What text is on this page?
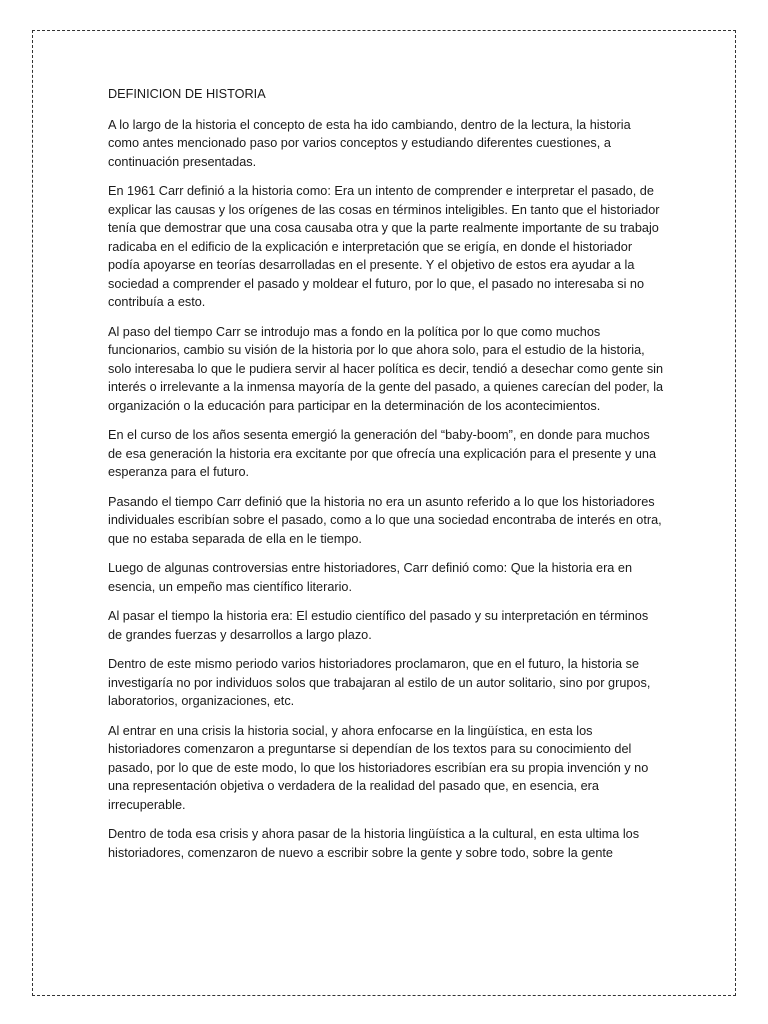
DEFINICION DE HISTORIA

A lo largo de la historia el concepto de esta ha ido cambiando, dentro de la lectura, la historia como antes mencionado paso por varios conceptos y estudiando diferentes cuestiones, a continuación presentadas.

En 1961 Carr definió a la historia como: Era un intento de comprender e interpretar el pasado, de explicar las causas y los orígenes de las cosas en términos inteligibles. En tanto que el historiador tenía que demostrar que una cosa causaba otra y que la parte realmente importante de su trabajo radicaba en el edificio de la explicación e interpretación que se erigía, en donde el historiador podía apoyarse en teorías desarrolladas en el presente. Y el objetivo de estos era ayudar a la sociedad a comprender el pasado y moldear el futuro, por lo que, el pasado no interesaba si no contribuía a esto.

Al paso del tiempo Carr se introdujo mas a fondo en la política por lo que como muchos funcionarios, cambio su visión de la historia por lo que ahora solo, para el estudio de la historia, solo interesaba lo que le pudiera servir al hacer política es decir, tendió a desechar como gente sin interés o irrelevante a la inmensa mayoría de la gente del pasado, a quienes carecían del poder, la organización o la educación para participar en la determinación de los acontecimientos.

En el curso de los años sesenta emergió la generación del “baby-boom”, en donde para muchos de esa generación la historia era excitante por que ofrecía una explicación para el presente y una esperanza para el futuro.

Pasando el tiempo Carr definió que la historia no era un asunto referido a lo que los historiadores individuales escribían sobre el pasado, como a lo que una sociedad encontraba de interés en otra, que no estaba separada de ella en le tiempo.

Luego de algunas controversias entre historiadores, Carr definió como: Que la historia era en esencia, un empeño mas científico literario.

Al pasar el tiempo la historia era: El estudio científico del pasado y su interpretación en términos de grandes fuerzas y desarrollos a largo plazo.

Dentro de este mismo periodo varios historiadores proclamaron, que en el futuro, la historia se investigaría no por individuos solos que trabajaran al estilo de un autor solitario, sino por grupos, laboratorios, organizaciones, etc.

Al entrar en una crisis la historia social, y ahora enfocarse en la lingüística, en esta los historiadores comenzaron a preguntarse si dependían de los textos para su conocimiento del pasado, por lo que de este modo, lo que los historiadores escribían era su propia invención y no una representación objetiva o verdadera de la realidad del pasado que, en esencia, era irrecuperable.

Dentro de toda esa crisis y ahora pasar de la historia lingüística a la cultural, en esta ultima los historiadores, comenzaron de nuevo a escribir sobre la gente y sobre todo, sobre la gente
